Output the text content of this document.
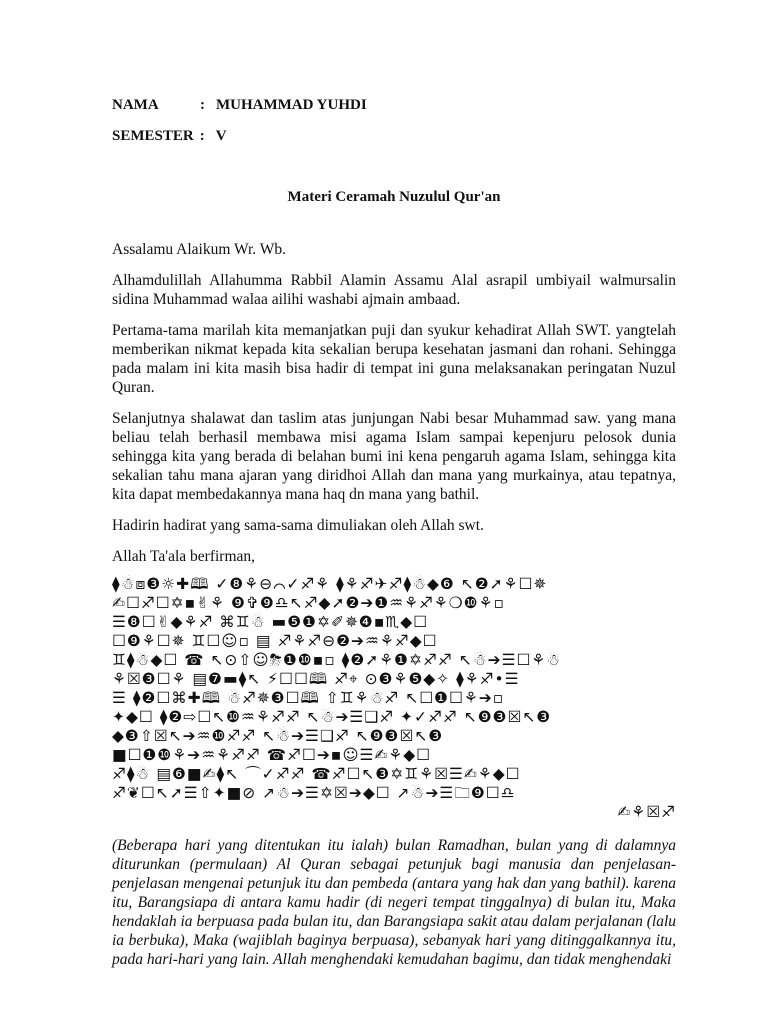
NAMA	: MUHAMMAD YUHDI
SEMESTER : V
Materi Ceramah Nuzulul Qur'an

Assalamu Alaikum Wr. Wb.

Alhamdulillah Allahumma Rabbil Alamin Assamu Alal asrapil umbiyail walmursalin sidina Muhammad walaa ailihi washabi ajmain ambaad.

Pertama-tama marilah kita memanjatkan puji dan syukur kehadirat Allah SWT. yangtelah memberikan nikmat kepada kita sekalian berupa kesehatan jasmani dan rohani. Sehingga pada malam ini kita masih bisa hadir di tempat ini guna melaksanakan peringatan Nuzul Quran.

Selanjutnya shalawat dan taslim atas junjungan Nabi besar Muhammad saw. yang mana beliau telah berhasil membawa misi agama Islam sampai kepenjuru pelosok dunia sehingga kita yang berada di belahan bumi ini kena pengaruh agama Islam, sehingga kita sekalian tahu mana ajaran yang diridhoi Allah dan mana yang murkainya, atau tepatnya, kita dapat membedakannya mana haq dn mana yang bathil.

Hadirin hadirat yang sama-sama dimuliakan oleh Allah swt.

Allah Ta'ala berfirman,

⧫☃⧈❸☼✚🕮 ✓❽⚘⊖⌒✓♐⚘ ⧫⚘♐✈♐⧫☃◆❻ ↖❷➚⚘☐✵
✍☐♐☐✡▪✌⚘ ❾✞❾♎↖♐◆➚❷➔❶♒⚘♐⚘❍❿⚘▫
☰❽☐✌◆⚘♐ ⌘♊☃ ▬❺❶✡✐✵❹▪♏◆☐
☐❾⚘☐✵ ♊☐☺▫ ▤ ♐⚘♐⊖❷➔♒⚘♐◆☐
♊⧫☃◆☐ ☎ ↖⊙⇧☺⛈❶❿▪▫ ⧫❷➚⚘❶✡♐♐ ↖☃➔☰☐⚘☃
⚘☒❸☐⚘ ▤❼▬⧫↖ ⚡☐☐🕮 ♐⌖ ⊙❸⚘❺◆✧ ⧫⚘♐•☰
☰ ⧫❷☐⌘✚🕮 ☃♐✵❸☐🕮 ⇧♊⚘☃♐ ↖☐❶☐⚘➔▫
✦◆☐ ⧫❷⇨☐↖❿♒⚘♐♐ ↖☃➔☰❑♐ ✦✓♐♐ ↖❾❸☒↖❸
◆❸⇧☒↖➔♒❿♐♐ ↖☃➔☰❑♐ ↖❾❸☒↖❸
■☐❶❿⚘➔♒⚘♐♐ ☎♐☐➔▪☺☰✍⚘◆☐
♐⧫☃ ▤❻■✍⧫↖ ⌒✓♐♐ ☎♐☐↖❸✡♊⚘☒☰✍⚘◆☐
♐❦☐↖➚☰⇧✦■⊘ ↗☃➔☰✡☒➔◆☐ ↗☃➔☰🗀❾☐♎
✍⚘☒♐

(Beberapa hari yang ditentukan itu ialah) bulan Ramadhan, bulan yang di dalamnya diturunkan (permulaan) Al Quran sebagai petunjuk bagi manusia dan penjelasan-penjelasan mengenai petunjuk itu dan pembeda (antara yang hak dan yang bathil). karena itu, Barangsiapa di antara kamu hadir (di negeri tempat tinggalnya) di bulan itu, Maka hendaklah ia berpuasa pada bulan itu, dan Barangsiapa sakit atau dalam perjalanan (lalu ia berbuka), Maka (wajiblah baginya berpuasa), sebanyak hari yang ditinggalkannya itu, pada hari-hari yang lain. Allah menghendaki kemudahan bagimu, dan tidak menghendaki
